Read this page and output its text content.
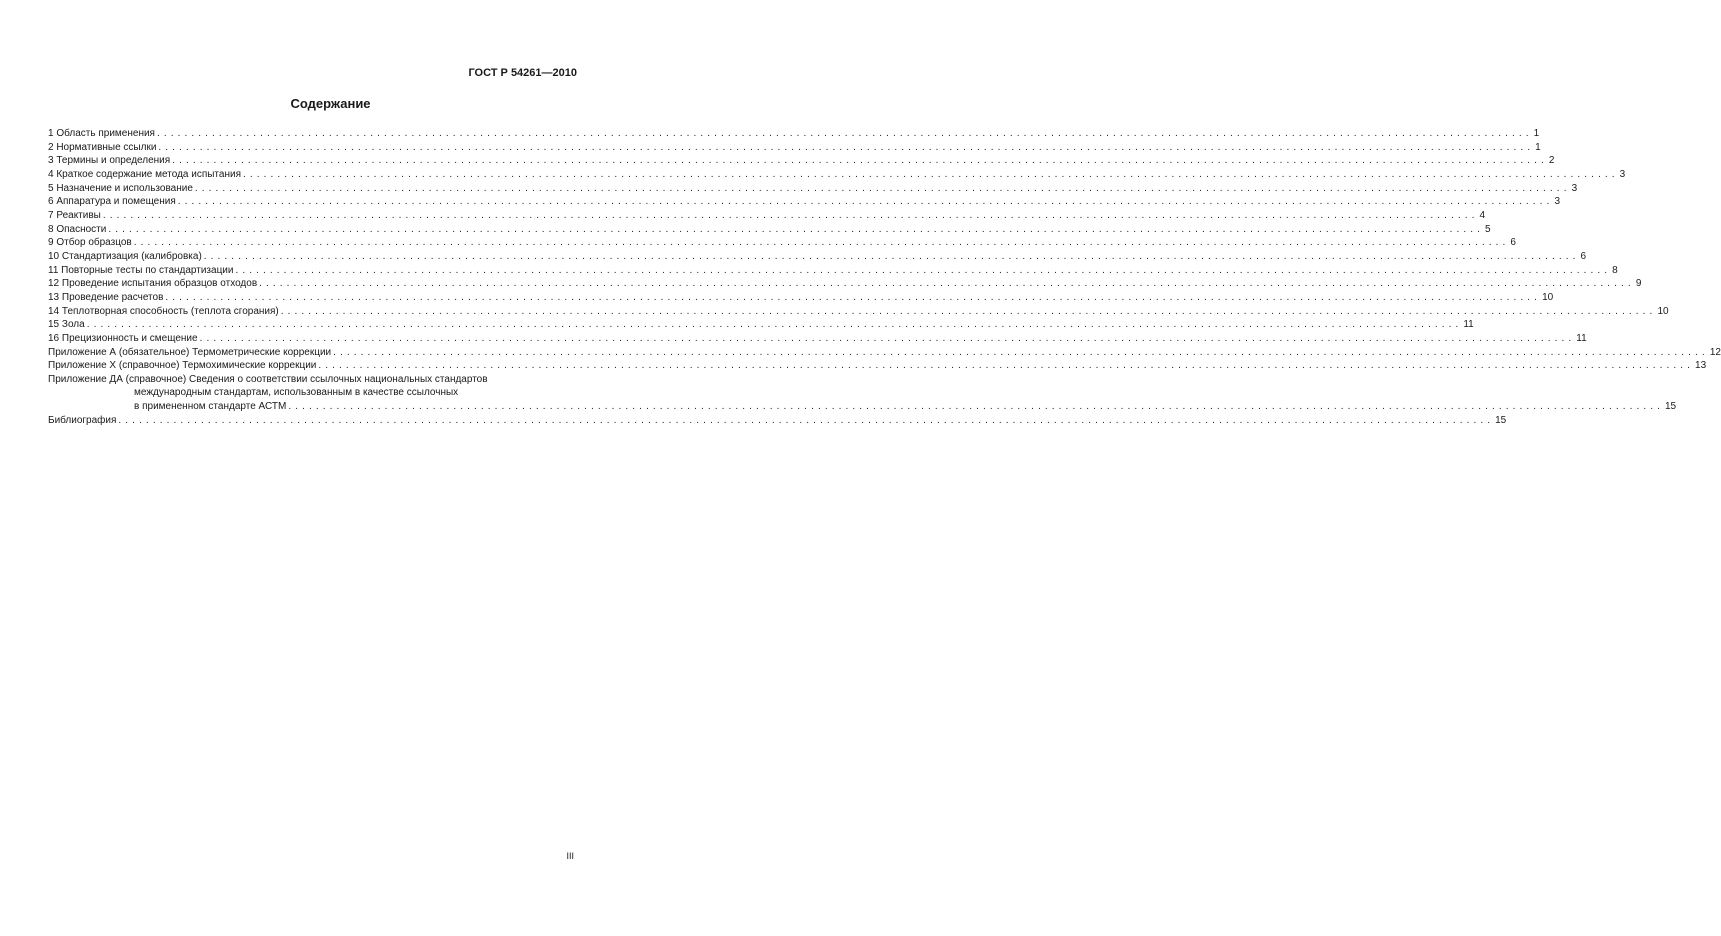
ГОСТ Р 54261—2010
Содержание
1 Область применения ........................................................................................................................................................................................................ 1
2 Нормативные ссылки ........................................................................................................................................................................................................ 1
3 Термины и определения ........................................................................................................................................................................................................ 2
4 Краткое содержание метода испытания ........................................................................................................................................................................................................ 3
5 Назначение и использование ........................................................................................................................................................................................................ 3
6 Аппаратура и помещения ........................................................................................................................................................................................................ 3
7 Реактивы ........................................................................................................................................................................................................ 4
8 Опасности ........................................................................................................................................................................................................ 5
9 Отбор образцов ........................................................................................................................................................................................................ 6
10 Стандартизация (калибровка) ........................................................................................................................................................................................................ 6
11 Повторные тесты по стандартизации ........................................................................................................................................................................................................ 8
12 Проведение испытания образцов отходов ........................................................................................................................................................................................................ 9
13 Проведение расчетов ........................................................................................................................................................................................................ 10
14 Теплотворная способность (теплота сгорания) ........................................................................................................................................................................................................ 10
15 Зола ........................................................................................................................................................................................................ 11
16 Прецизионность и смещение ........................................................................................................................................................................................................ 11
Приложение А (обязательное) Термометрические коррекции ........................................................................................................................................................................................................ 12
Приложение Х (справочное) Термохимические коррекции ........................................................................................................................................................................................................ 13
Приложение ДА (справочное) Сведения о соответствии ссылочных национальных стандартов
международным стандартам, использованным в качестве ссылочных
в примененном стандарте АСТМ ........................................................................................................................................................................................................ 15
Библиография ........................................................................................................................................................................................................ 15
III
